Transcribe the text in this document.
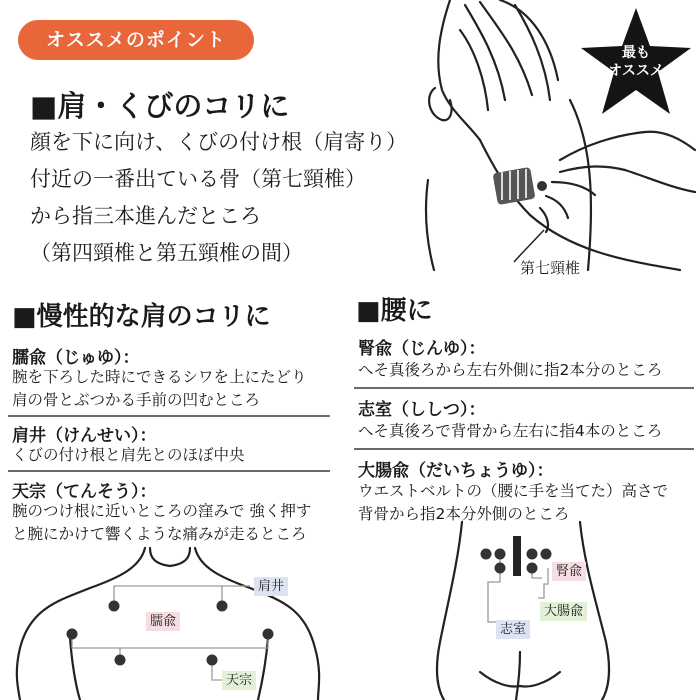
オススメのポイント
■肩・くびのコリに
顔を下に向け、くびの付け根（肩寄り）
付近の一番出ている骨（第七頸椎）
から指三本進んだところ
（第四頸椎と第五頸椎の間）
第七頸椎
最も
オススメ
■慢性的な肩のコリに
臑兪（じゅゆ）：
腕を下ろした時にできるシワを上にたどり
肩の骨とぶつかる手前の凹むところ
肩井（けんせい）：
くびの付け根と肩先とのほぼ中央
天宗（てんそう）：
腕のつけ根に近いところの窪みで 強く押す
と腕にかけて響くような痛みが走るところ
肩井
臑兪
天宗
■腰に
腎兪（じんゆ）：
へそ真後ろから左右外側に指2本分のところ
志室（ししつ）：
へそ真後ろで背骨から左右に指4本のところ
大腸兪（だいちょうゆ）：
ウエストベルトの（腰に手を当てた）高さで
背骨から指2本分外側のところ
腎兪
大腸兪
志室
